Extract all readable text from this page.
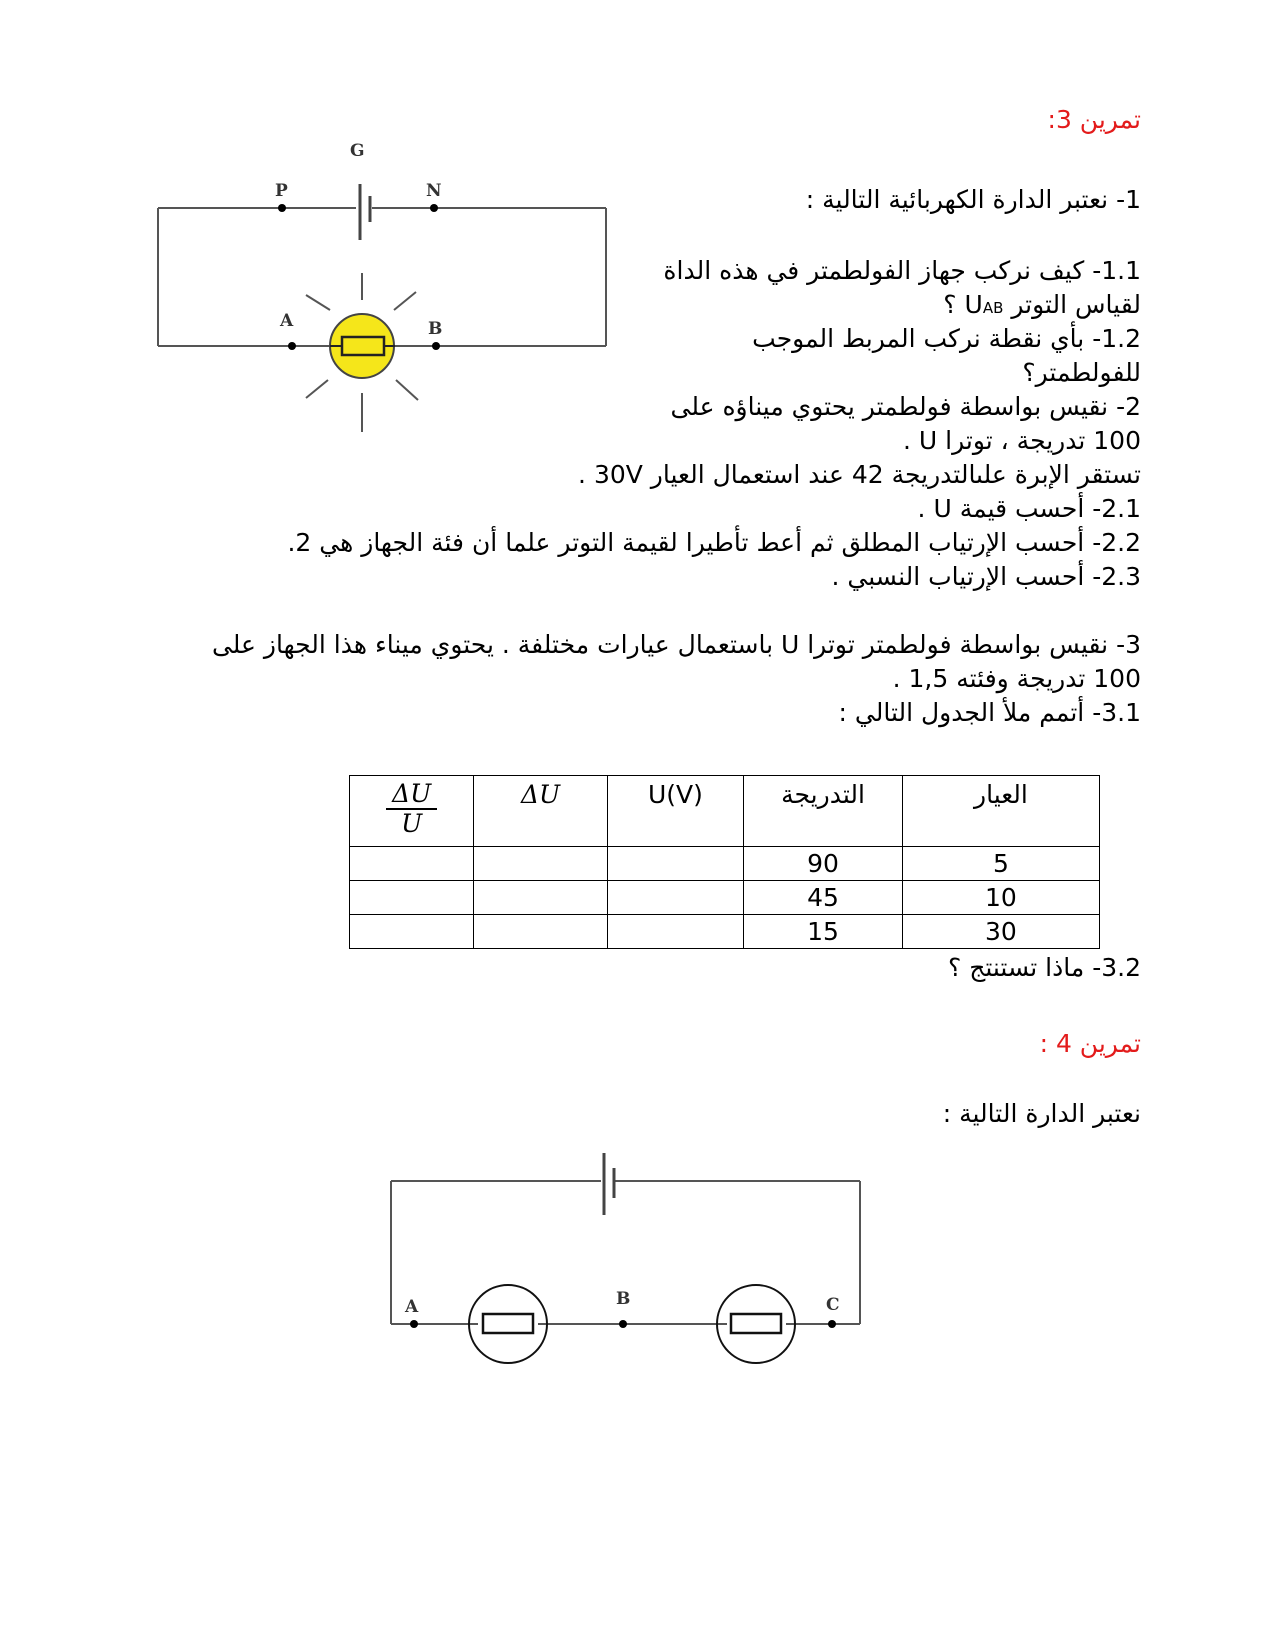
تمرين 3:
G
P	N
A	B
1- نعتبر الدارة الكهربائية التالية :
1.1- كيف نركب جهاز الفولطمتر في هذه الداة
لقياس التوتر UAB ؟
1.2- بأي نقطة نركب المربط الموجب
للفولطمتر؟
2- نقيس بواسطة فولطمتر يحتوي ميناؤه على
100 تدريجة ، توترا U .
تستقر الإبرة علىالتدريجة 42 عند استعمال العيار 30V .
2.1- أحسب قيمة U .
2.2- أحسب الإرتياب المطلق ثم أعط تأطيرا لقيمة التوتر علما أن فئة الجهاز هي 2.
2.3- أحسب الإرتياب النسبي .
3- نقيس بواسطة فولطمتر توترا U باستعمال عيارات مختلفة . يحتوي ميناء هذا الجهاز على
100 تدريجة وفئته 1,5 .
3.1- أتمم ملأ الجدول التالي :
$\frac{\Delta U}{U}$	ΔU	U(V)	التدريجة	العيار
			90	5
			45	10
			15	30
3.2- ماذا تستنتج ؟
تمرين 4 :
نعتبر الدارة التالية :
A	B	C
